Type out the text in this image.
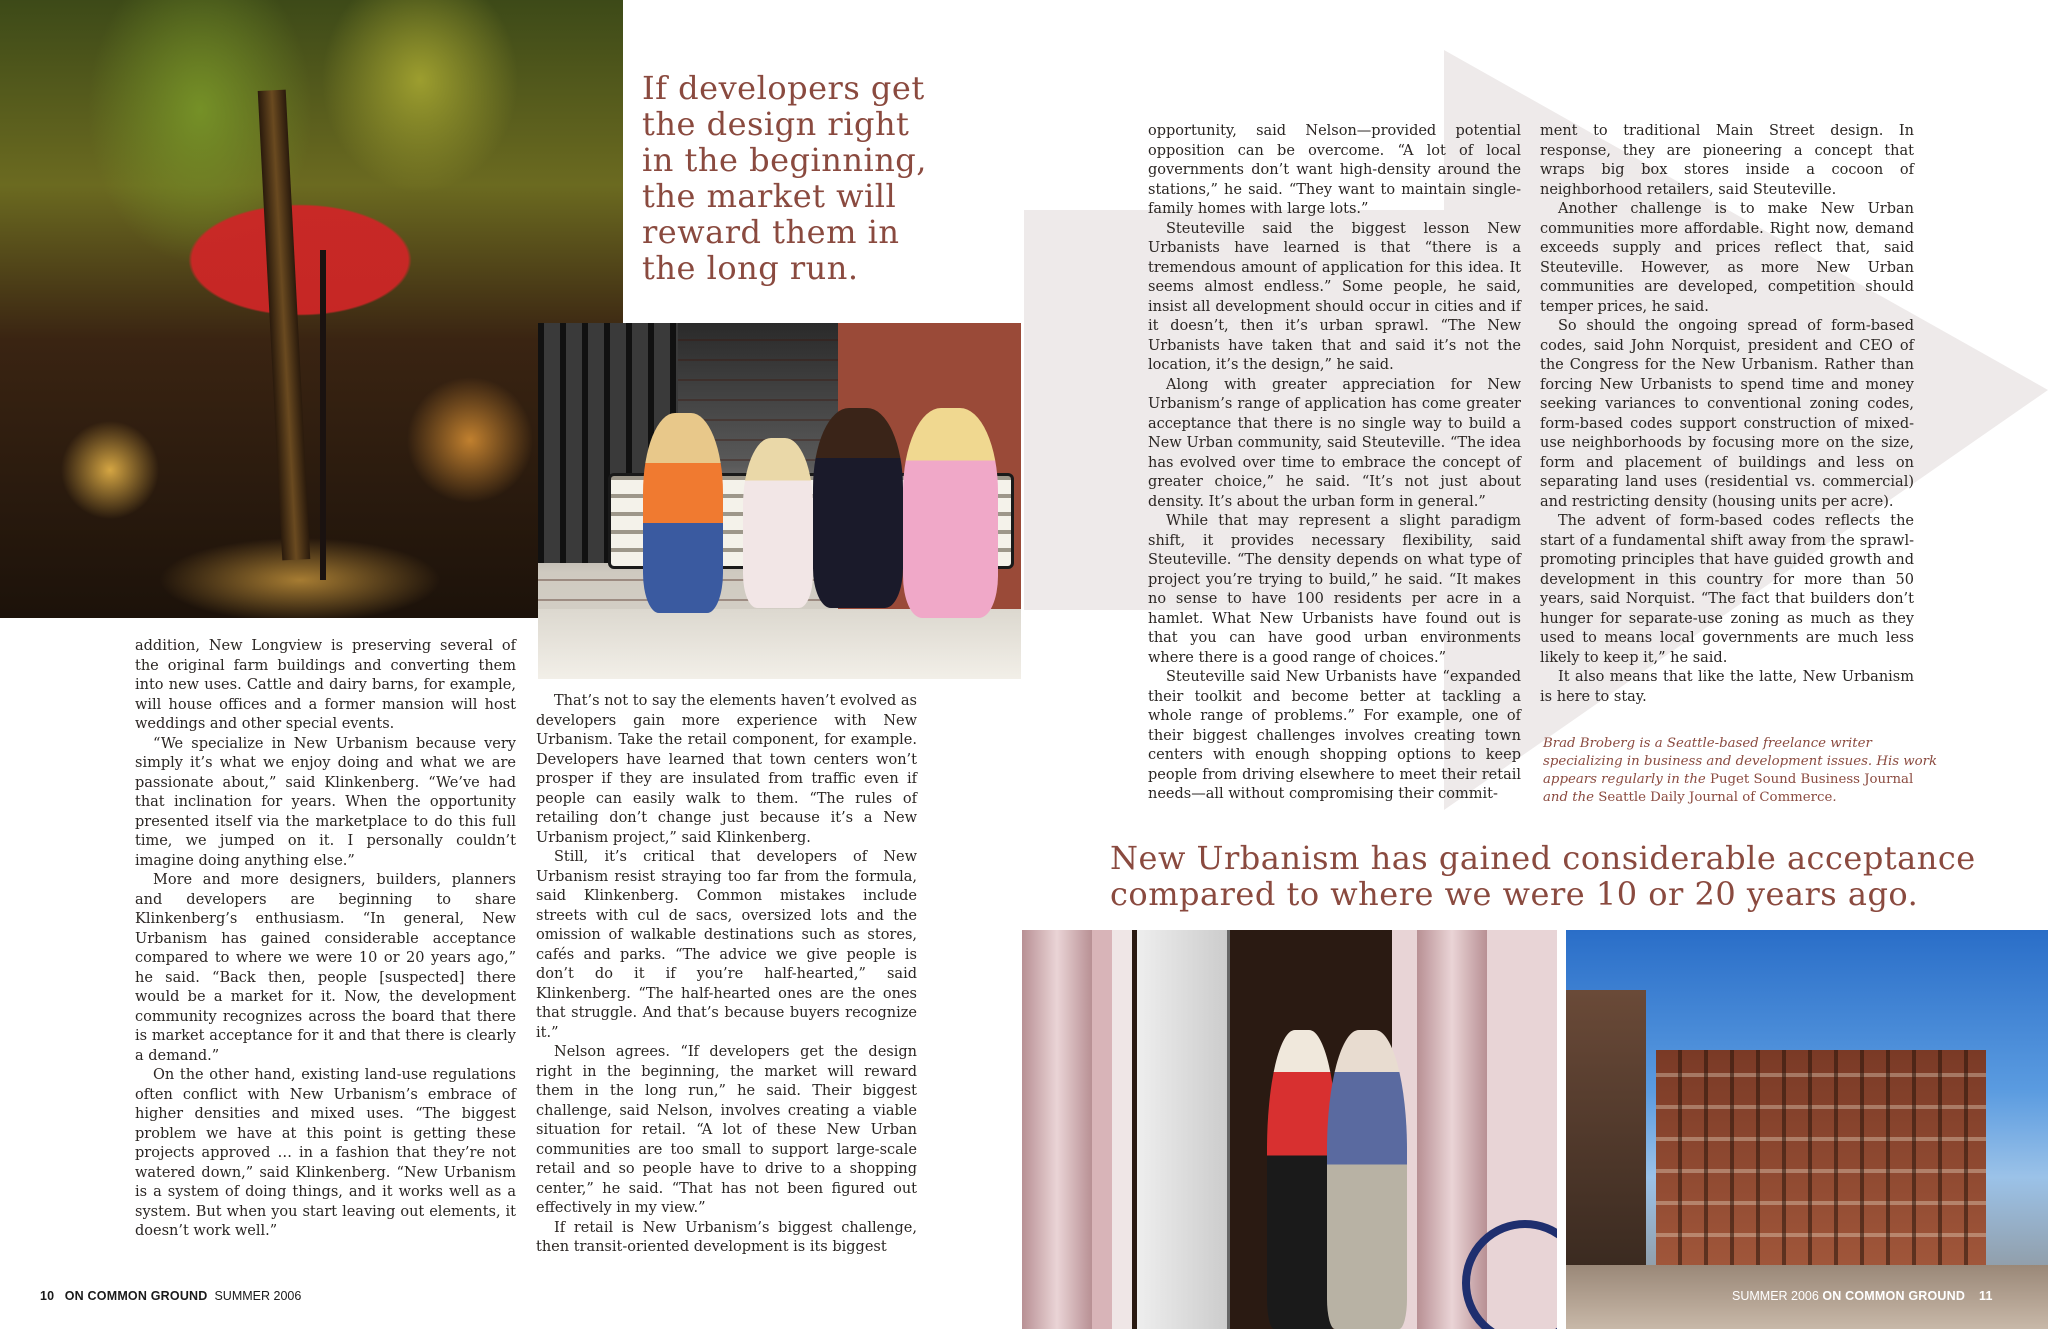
If developers get the design right in the beginning, the market will reward them in the long run.
New Urbanism has gained considerable acceptance compared to where we were 10 or 20 years ago.

addition, New Longview is preserving several of the original farm buildings and converting them into new uses. Cattle and dairy barns, for example, will house offices and a former mansion will host weddings and other special events.

“We specialize in New Urbanism because very simply it’s what we enjoy doing and what we are passionate about,” said Klinkenberg. “We’ve had that inclination for years. When the opportunity presented itself via the marketplace to do this full time, we jumped on it. I personally couldn’t imagine doing anything else.”

More and more designers, builders, planners and developers are beginning to share Klinkenberg’s enthusiasm. “In general, New Urbanism has gained considerable acceptance compared to where we were 10 or 20 years ago,” he said. “Back then, people [suspected] there would be a market for it. Now, the development community recognizes across the board that there is market acceptance for it and that there is clearly a demand.”

On the other hand, existing land-use regulations often conflict with New Urbanism’s embrace of higher densities and mixed uses. “The biggest problem we have at this point is getting these projects approved … in a fashion that they’re not watered down,” said Klinkenberg. “New Urbanism is a system of doing things, and it works well as a system. But when you start leaving out elements, it doesn’t work well.”

That’s not to say the elements haven’t evolved as developers gain more experience with New Urbanism. Take the retail component, for example. Developers have learned that town centers won’t prosper if they are insulated from traffic even if people can easily walk to them. “The rules of retailing don’t change just because it’s a New Urbanism project,” said Klinkenberg.

Still, it’s critical that developers of New Urbanism resist straying too far from the formula, said Klinkenberg. Common mistakes include streets with cul de sacs, oversized lots and the omission of walkable destinations such as stores, cafés and parks. “The advice we give people is don’t do it if you’re half-hearted,” said Klinkenberg. “The half-hearted ones are the ones that struggle. And that’s because buyers recognize it.”

Nelson agrees. “If developers get the design right in the beginning, the market will reward them in the long run,” he said. Their biggest challenge, said Nelson, involves creating a viable situation for retail. “A lot of these New Urban communities are too small to support large-scale retail and so people have to drive to a shopping center,” he said. “That has not been figured out effectively in my view.”

If retail is New Urbanism’s biggest challenge, then transit-oriented development is its biggest

opportunity, said Nelson—provided potential opposition can be overcome. “A lot of local governments don’t want high-density around the stations,” he said. “They want to maintain single-family homes with large lots.”

Steuteville said the biggest lesson New Urbanists have learned is that “there is a tremendous amount of application for this idea. It seems almost endless.” Some people, he said, insist all development should occur in cities and if it doesn’t, then it’s urban sprawl. “The New Urbanists have taken that and said it’s not the location, it’s the design,” he said.

Along with greater appreciation for New Urbanism’s range of application has come greater acceptance that there is no single way to build a New Urban community, said Steuteville. “The idea has evolved over time to embrace the concept of greater choice,” he said. “It’s not just about density. It’s about the urban form in general.”

While that may represent a slight paradigm shift, it provides necessary flexibility, said Steuteville. “The density depends on what type of project you’re trying to build,” he said. “It makes no sense to have 100 residents per acre in a hamlet. What New Urbanists have found out is that you can have good urban environments where there is a good range of choices.”

Steuteville said New Urbanists have “expanded their toolkit and become better at tackling a whole range of problems.” For example, one of their biggest challenges involves creating town centers with enough shopping options to keep people from driving elsewhere to meet their retail needs—all without compromising their commit-

ment to traditional Main Street design. In response, they are pioneering a concept that wraps big box stores inside a cocoon of neighborhood retailers, said Steuteville.

Another challenge is to make New Urban communities more affordable. Right now, demand exceeds supply and prices reflect that, said Steuteville. However, as more New Urban communities are developed, competition should temper prices, he said.

So should the ongoing spread of form-based codes, said John Norquist, president and CEO of the Congress for the New Urbanism. Rather than forcing New Urbanists to spend time and money seeking variances to conventional zoning codes, form-based codes support construction of mixed-use neighborhoods by focusing more on the size, form and placement of buildings and less on separating land uses (residential vs. commercial) and restricting density (housing units per acre).

The advent of form-based codes reflects the start of a fundamental shift away from the sprawl-promoting principles that have guided growth and development in this country for more than 50 years, said Norquist. “The fact that builders don’t hunger for separate-use zoning as much as they used to means local governments are much less likely to keep it,” he said.

It also means that like the latte, New Urbanism is here to stay.

Brad Broberg is a Seattle-based freelance writer specializing in business and development issues. His work appears regularly in the Puget Sound Business Journal and the Seattle Daily Journal of Commerce.
10 ON COMMON GROUND SUMMER 2006	SUMMER 2006 ON COMMON GROUND 11
